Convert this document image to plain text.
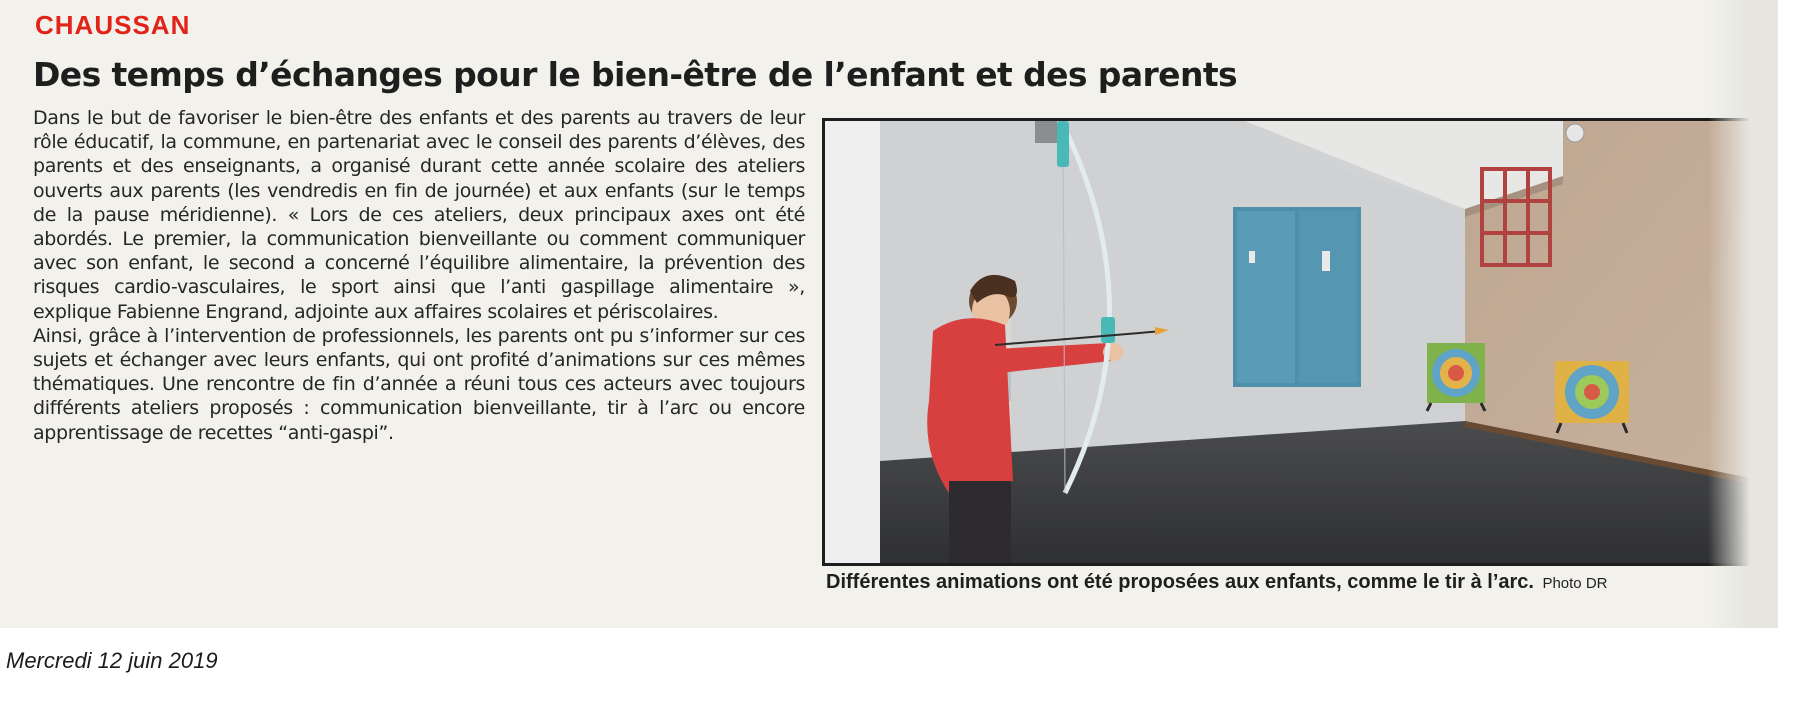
CHAUSSAN
Des temps d’échanges pour le bien-être de l’enfant et des parents

Dans le but de favoriser le bien-être des enfants et des parents au travers de leur rôle éducatif, la commune, en partenariat avec le conseil des parents d’élèves, des parents et des enseignants, a organisé durant cette année scolaire des ateliers ouverts aux parents (les vendredis en fin de journée) et aux enfants (sur le temps de la pause méridienne). « Lors de ces ateliers, deux principaux axes ont été abordés. Le premier, la communication bienveillante ou comment communiquer avec son enfant, le second a concerné l’équilibre alimentaire, la prévention des risques cardio-vasculaires, le sport ainsi que l’anti gaspillage alimentaire », explique Fabienne Engrand, adjointe aux affaires scolaires et périscolaires.

Ainsi, grâce à l’intervention de professionnels, les parents ont pu s’informer sur ces sujets et échanger avec leurs enfants, qui ont profité d’animations sur ces mêmes thématiques. Une rencontre de fin d’année a réuni tous ces acteurs avec toujours différents ateliers proposés : communication bienveillante, tir à l’arc ou encore apprentissage de recettes “anti-gaspi”.

Différentes animations ont été proposées aux enfants, comme le tir à l’arc. Photo DR
Mercredi 12 juin 2019
